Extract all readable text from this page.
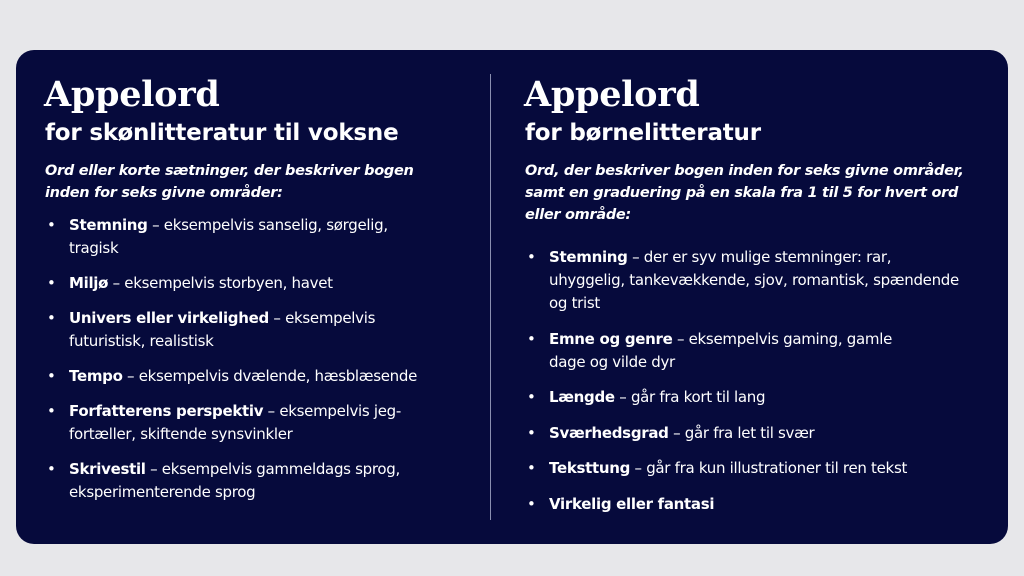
Appelord
for skønlitteratur til voksne

Ord eller korte sætninger, der beskriver bogen inden for seks givne områder:

• Stemning – eksempelvis sanselig, sørgelig, tragisk
• Miljø – eksempelvis storbyen, havet
• Univers eller virkelighed – eksempelvis futuristisk, realistisk
• Tempo – eksempelvis dvælende, hæsblæsende
• Forfatterens perspektiv – eksempelvis jeg-fortæller, skiftende synsvinkler
• Skrivestil – eksempelvis gammeldags sprog, eksperimenterende sprog
Appelord
for børnelitteratur

Ord, der beskriver bogen inden for seks givne områder, samt en graduering på en skala fra 1 til 5 for hvert ord eller område:

• Stemning – der er syv mulige stemninger: rar, uhyggelig, tankevækkende, sjov, romantisk, spændende og trist
• Emne og genre – eksempelvis gaming, gamle dage og vilde dyr
• Længde – går fra kort til lang
• Sværhedsgrad – går fra let til svær
• Teksttung – går fra kun illustrationer til ren tekst
• Virkelig eller fantasi
